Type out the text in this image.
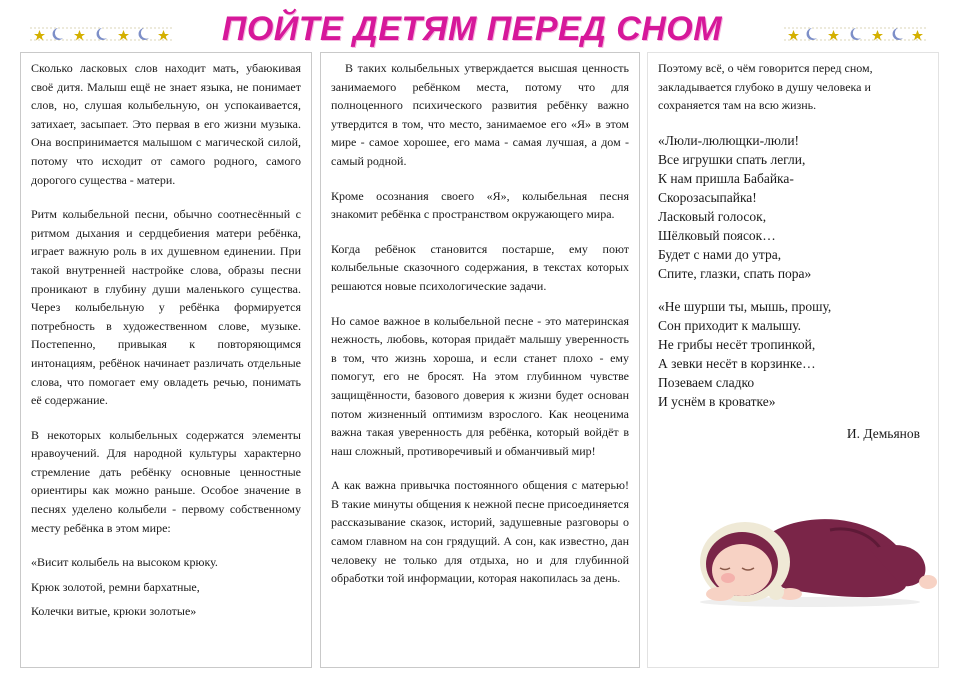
ПОЙТЕ ДЕТЯМ ПЕРЕД СНОМ

Сколько ласковых слов находит мать, убаюкивая своё дитя. Малыш ещё не знает языка, не понимает слов, но, слушая колыбельную, он успокаивается, затихает, засыпает. Это первая в его жизни музыка. Она воспринимается малышом с магической силой, потому что исходит от самого родного, самого дорогого существа - матери.

Ритм колыбельной песни, обычно соотнесённый с ритмом дыхания и сердцебиения матери ребёнка, играет важную роль в их душевном единении. При такой внутренней настройке слова, образы песни проникают в глубину души маленького существа. Через колыбельную у ребёнка формируется потребность в художественном слове, музыке. Постепенно, привыкая к повторяющимся интонациям, ребёнок начинает различать отдельные слова, что помогает ему овладеть речью, понимать её содержание.

В некоторых колыбельных содержатся элементы нравоучений. Для народной культуры характерно стремление дать ребёнку основные ценностные ориентиры как можно раньше. Особое значение в песнях уделено колыбели - первому собственному месту ребёнка в этом мире:

«Висит колыбель на высоком крюку.

Крюк золотой, ремни бархатные,

Колечки витые, крюки золотые»

В таких колыбельных утверждается высшая ценность занимаемого ребёнком места, потому что для полноценного психического развития ребёнку важно утвердится в том, что место, занимаемое его «Я» в этом мире - самое хорошее, его мама - самая лучшая, а дом - самый родной.

Кроме осознания своего «Я», колыбельная песня знакомит ребёнка с пространством окружающего мира.

Когда ребёнок становится постарше, ему поют колыбельные сказочного содержания, в текстах которых решаются новые психологические задачи.

Но самое важное в колыбельной песне - это материнская нежность, любовь, которая придаёт малышу уверенность в том, что жизнь хороша, и если станет плохо - ему помогут, его не бросят. На этом глубинном чувстве защищённости, базового доверия к жизни будет основан потом жизненный оптимизм взрослого. Как неоценима важна такая уверенность для ребёнка, который войдёт в наш сложный, противоречивый и обманчивый мир!

А как важна привычка постоянного общения с матерью! В такие минуты общения к нежной песне присоединяется рассказывание сказок, историй, задушевные разговоры о самом главном на сон грядущий. А сон, как известно, дан человеку не только для отдыха, но и для глубинной обработки той информации, которая накопилась за день.

Поэтому всё, о чём говорится перед сном, закладывается глубоко в душу человека и сохраняется там на всю жизнь.

«Люли-люлющки-люли!
Все игрушки спать легли,
К нам пришла Бабайка-
Скорозасыпайка!
Ласковый голосок,
Шёлковый поясок…
Будет с нами до утра,
Спите, глазки, спать пора»
«Не шурши ты, мышь, прошу,
Сон приходит к малышу.
Не грибы несёт тропинкой,
А зевки несёт в корзинке…
Позеваем сладко
И уснём в кроватке»
И. Демьянов
